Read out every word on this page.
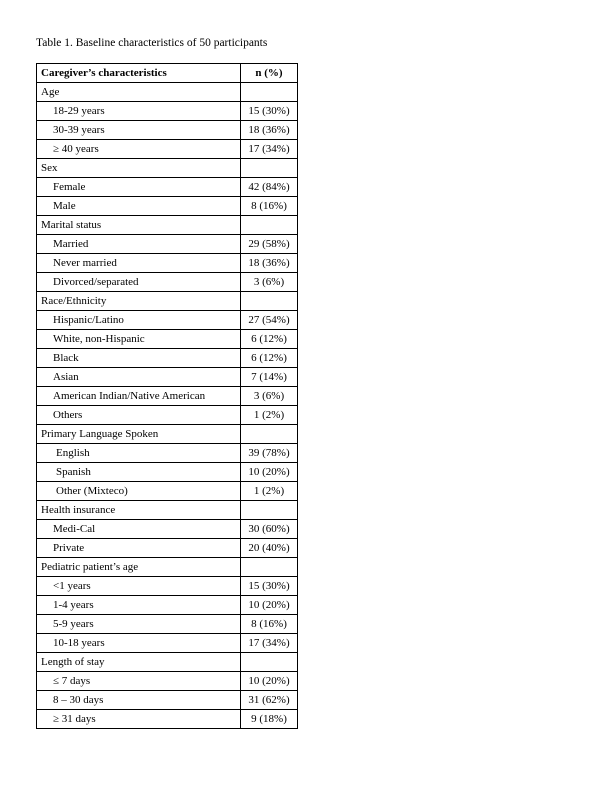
Table 1. Baseline characteristics of 50 participants
Caregiver’s characteristics	n (%)
Age	
18-29 years	15 (30%)
30-39 years	18 (36%)
≥ 40 years	17 (34%)
Sex	
Female	42 (84%)
Male	8 (16%)
Marital status	
Married	29 (58%)
Never married	18 (36%)
Divorced/separated	3 (6%)
Race/Ethnicity	
Hispanic/Latino	27 (54%)
White, non-Hispanic	6 (12%)
Black	6 (12%)
Asian	7 (14%)
American Indian/Native American	3 (6%)
Others	1 (2%)
Primary Language Spoken	
English	39 (78%)
Spanish	10 (20%)
Other (Mixteco)	1 (2%)
Health insurance	
Medi-Cal	30 (60%)
Private	20 (40%)
Pediatric patient’s age	
<1 years	15 (30%)
1-4 years	10 (20%)
5-9 years	8 (16%)
10-18 years	17 (34%)
Length of stay	
≤ 7 days	10 (20%)
8 – 30 days	31 (62%)
≥ 31 days	9 (18%)
